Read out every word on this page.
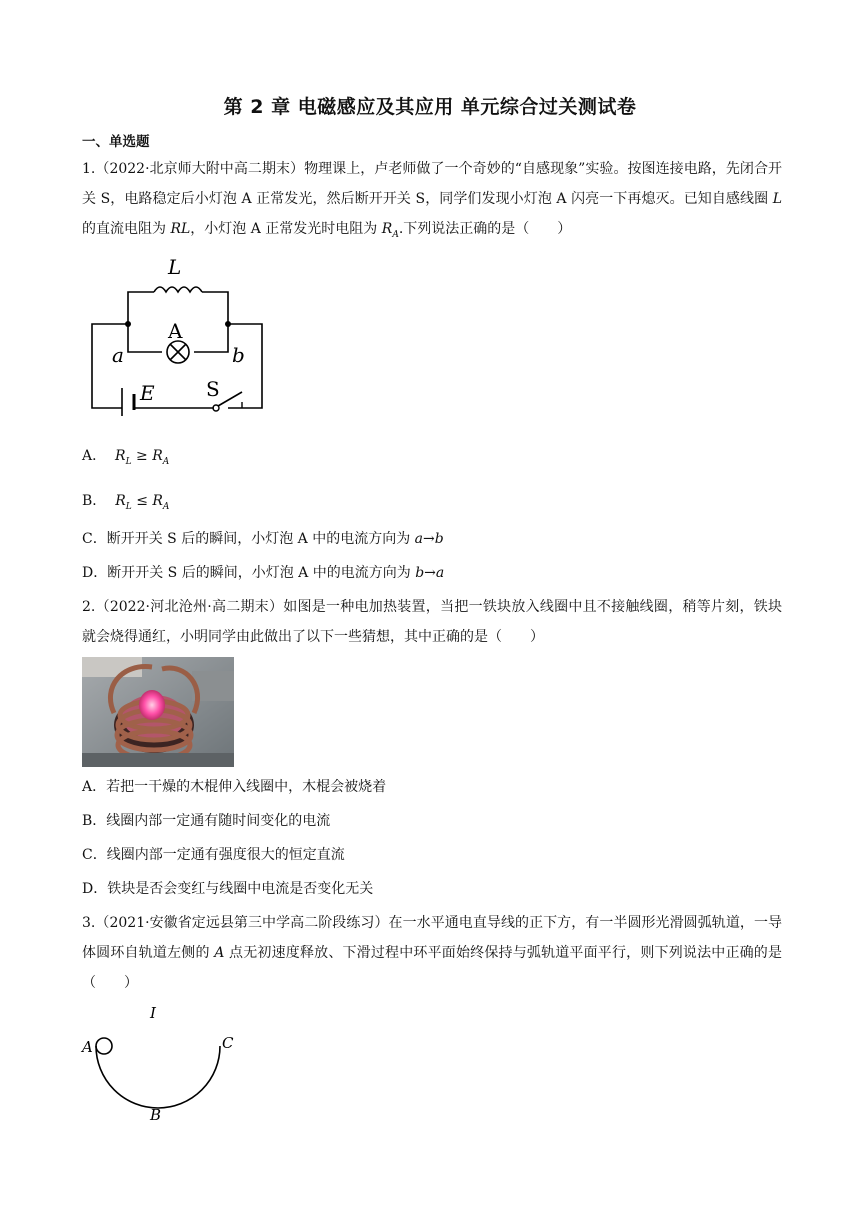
第 2 章 电磁感应及其应用 单元综合过关测试卷
一、单选题
1.（2022·北京师大附中高二期末）物理课上，卢老师做了一个奇妙的“自感现象”实验。按图连接电路，先闭合开关 S，电路稳定后小灯泡 A 正常发光，然后断开开关 S，同学们发现小灯泡 A 闪亮一下再熄灭。已知自感线圈 L 的直流电阻为 RL，小灯泡 A 正常发光时电阻为 $R_A$.下列说法正确的是（　　）
L
A
a	b
E	S
A． $R_L \ge R_A$
B． $R_L \le R_A$
C．断开开关 S 后的瞬间，小灯泡 A 中的电流方向为 a→b
D．断开开关 S 后的瞬间，小灯泡 A 中的电流方向为 b→a
2.（2022·河北沧州·高二期末）如图是一种电加热装置，当把一铁块放入线圈中且不接触线圈，稍等片刻，铁块就会烧得通红，小明同学由此做出了以下一些猜想，其中正确的是（　　）
A．若把一干燥的木棍伸入线圈中，木棍会被烧着
B．线圈内部一定通有随时间变化的电流
C．线圈内部一定通有强度很大的恒定直流
D．铁块是否会变红与线圈中电流是否变化无关
3.（2021·安徽省定远县第三中学高二阶段练习）在一水平通电直导线的正下方，有一半圆形光滑圆弧轨道，一导体圆环自轨道左侧的 A 点无初速度释放、下滑过程中环平面始终保持与弧轨道平面平行，则下列说法中正确的是（　　）
I
A	C
B
